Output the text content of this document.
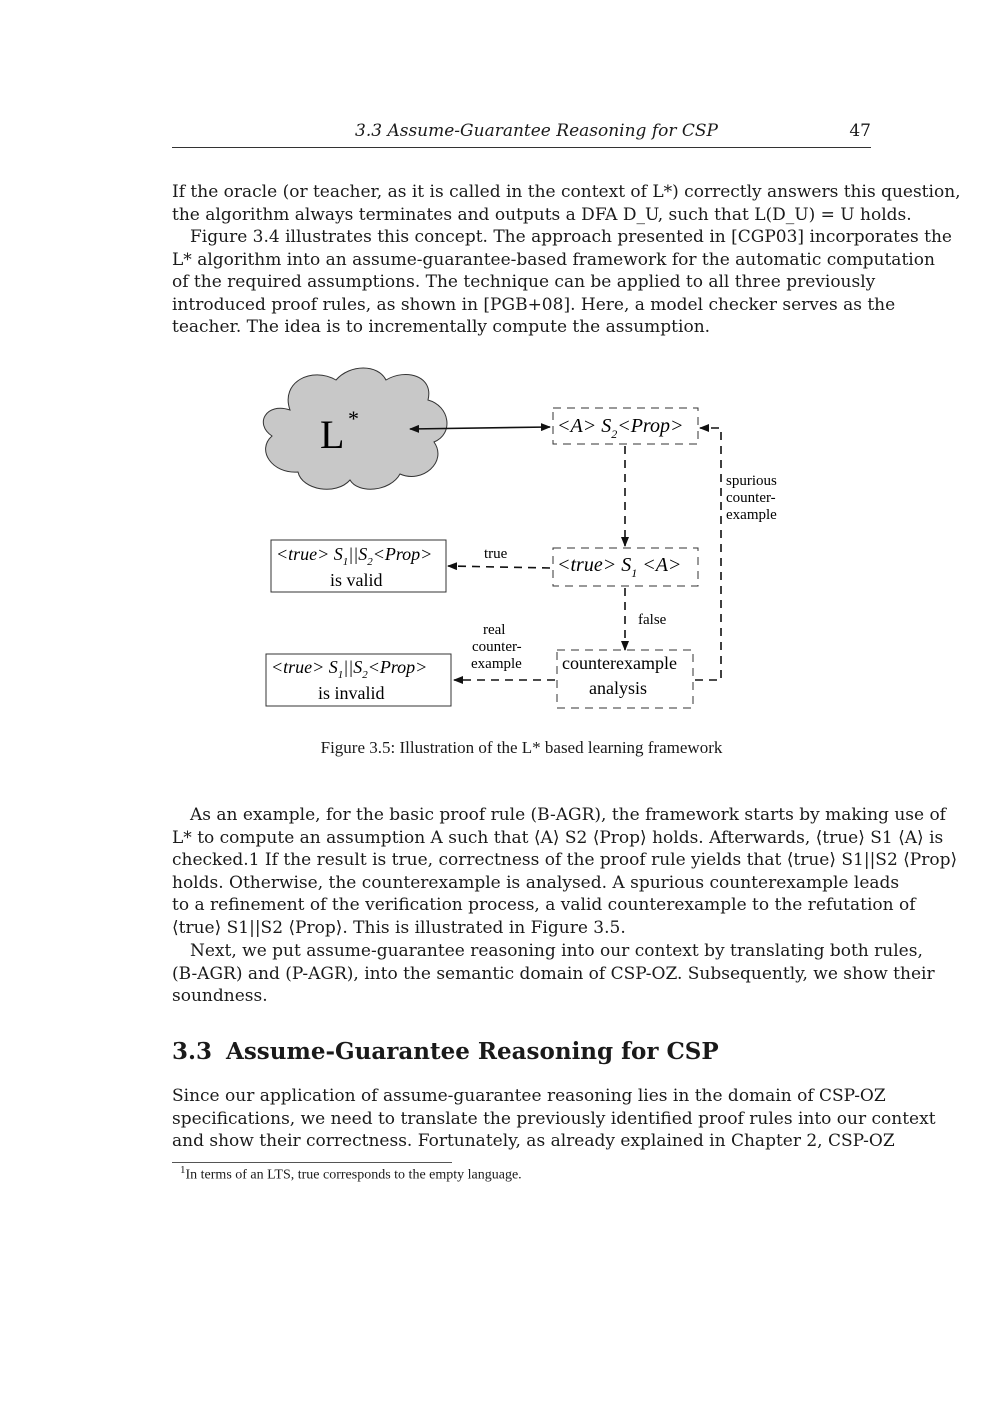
3.3 Assume-Guarantee Reasoning for CSP	47
If the oracle (or teacher, as it is called in the context of L*) correctly answers this question,
the algorithm always terminates and outputs a DFA D_U, such that L(D_U) = U holds.
Figure 3.4 illustrates this concept. The approach presented in [CGP03] incorporates the
L* algorithm into an assume-guarantee-based framework for the automatic computation
of the required assumptions. The technique can be applied to all three previously
introduced proof rules, as shown in [PGB+08]. Here, a model checker serves as the
teacher. The idea is to incrementally compute the assumption.
L *	$<A> S_2<Prop>$
<true> $S_1 <A>$
<true> $S_1||S_2<Prop>$
is valid
true
false
counterexample
analysis
<true> $S_1||S_2<Prop>$
is invalid
real
counter-
example
spurious
counter-
example
Figure 3.5: Illustration of the L* based learning framework
As an example, for the basic proof rule (B-AGR), the framework starts by making use of
L* to compute an assumption A such that ⟨A⟩ S2 ⟨Prop⟩ holds. Afterwards, ⟨true⟩ S1 ⟨A⟩ is
checked.1 If the result is true, correctness of the proof rule yields that ⟨true⟩ S1||S2 ⟨Prop⟩
holds. Otherwise, the counterexample is analysed. A spurious counterexample leads
to a refinement of the verification process, a valid counterexample to the refutation of
⟨true⟩ S1||S2 ⟨Prop⟩. This is illustrated in Figure 3.5.
Next, we put assume-guarantee reasoning into our context by translating both rules,
(B-AGR) and (P-AGR), into the semantic domain of CSP-OZ. Subsequently, we show their
soundness.
3.3 Assume-Guarantee Reasoning for CSP
Since our application of assume-guarantee reasoning lies in the domain of CSP-OZ
specifications, we need to translate the previously identified proof rules into our context
and show their correctness. Fortunately, as already explained in Chapter 2, CSP-OZ
$^1$In terms of an LTS, true corresponds to the empty language.
